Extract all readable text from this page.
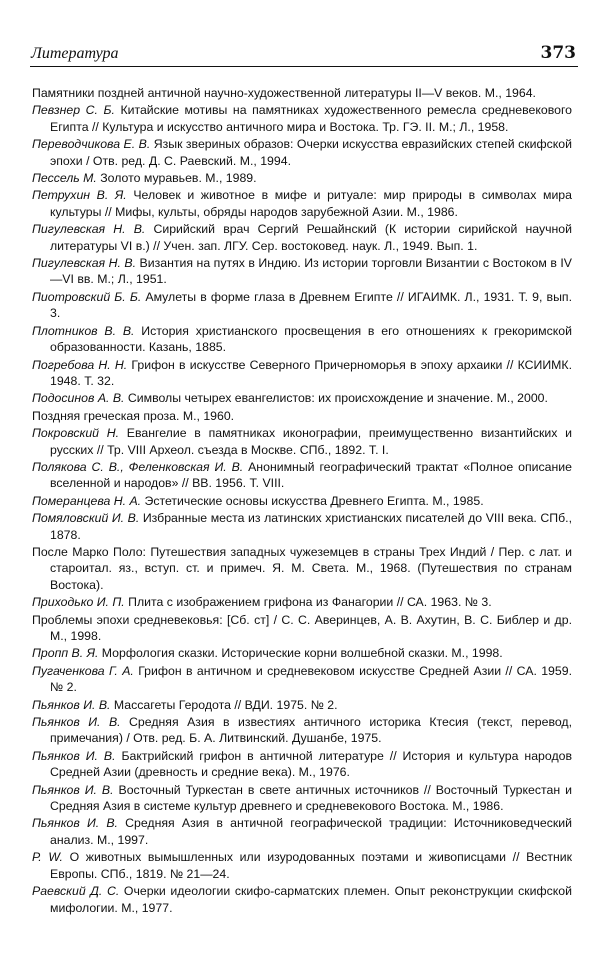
Литература	373

Памятники поздней античной научно-художественной литературы II—V веков. М., 1964.

Певзнер С. Б. Китайские мотивы на памятниках художественного ремесла средневекового Египта // Культура и искусство античного мира и Востока. Тр. ГЭ. II. М.; Л., 1958.

Переводчикова Е. В. Язык звериных образов: Очерки искусства евразийских степей скифской эпохи / Отв. ред. Д. С. Раевский. М., 1994.

Пессель М. Золото муравьев. М., 1989.

Петрухин В. Я. Человек и животное в мифе и ритуале: мир природы в символах мира культуры // Мифы, культы, обряды народов зарубежной Азии. М., 1986.

Пигулевская Н. В. Сирийский врач Сергий Решайнский (К истории сирийской научной литературы VI в.) // Учен. зап. ЛГУ. Сер. востоковед. наук. Л., 1949. Вып. 1.

Пигулевская Н. В. Византия на путях в Индию. Из истории торговли Византии с Востоком в IV—VI вв. М.; Л., 1951.

Пиотровский Б. Б. Амулеты в форме глаза в Древнем Египте // ИГАИМК. Л., 1931. Т. 9, вып. 3.

Плотников В. В. История христианского просвещения в его отношениях к грекоримской образованности. Казань, 1885.

Погребова Н. Н. Грифон в искусстве Северного Причерноморья в эпоху архаики // КСИИМК. 1948. Т. 32.

Подосинов А. В. Символы четырех евангелистов: их происхождение и значение. М., 2000.

Поздняя греческая проза. М., 1960.

Покровский Н. Евангелие в памятниках иконографии, преимущественно византийских и русских // Тр. VIII Археол. съезда в Москве. СПб., 1892. Т. I.

Полякова С. В., Феленковская И. В. Анонимный географический трактат «Полное описание вселенной и народов» // ВВ. 1956. Т. VIII.

Померанцева Н. А. Эстетические основы искусства Древнего Египта. М., 1985.

Помяловский И. В. Избранные места из латинских христианских писателей до VIII века. СПб., 1878.

После Марко Поло: Путешествия западных чужеземцев в страны Трех Индий / Пер. с лат. и староитал. яз., вступ. ст. и примеч. Я. М. Света. М., 1968. (Путешествия по странам Востока).

Приходько И. П. Плита с изображением грифона из Фанагории // СА. 1963. № 3.

Проблемы эпохи средневековья: [Сб. ст] / С. С. Аверинцев, А. В. Ахутин, В. С. Библер и др. М., 1998.

Пропп В. Я. Морфология сказки. Исторические корни волшебной сказки. М., 1998.

Пугаченкова Г. А. Грифон в античном и средневековом искусстве Средней Азии // СА. 1959. № 2.

Пьянков И. В. Массагеты Геродота // ВДИ. 1975. № 2.

Пьянков И. В. Средняя Азия в известиях античного историка Ктесия (текст, перевод, примечания) / Отв. ред. Б. А. Литвинский. Душанбе, 1975.

Пьянков И. В. Бактрийский грифон в античной литературе // История и культура народов Средней Азии (древность и средние века). М., 1976.

Пьянков И. В. Восточный Туркестан в свете античных источников // Восточный Туркестан и Средняя Азия в системе культур древнего и средневекового Востока. М., 1986.

Пьянков И. В. Средняя Азия в античной географической традиции: Источниковедческий анализ. М., 1997.

Р. W. О животных вымышленных или изуродованных поэтами и живописцами // Вестник Европы. СПб., 1819. № 21—24.

Раевский Д. С. Очерки идеологии скифо-сарматских племен. Опыт реконструкции скифской мифологии. М., 1977.
